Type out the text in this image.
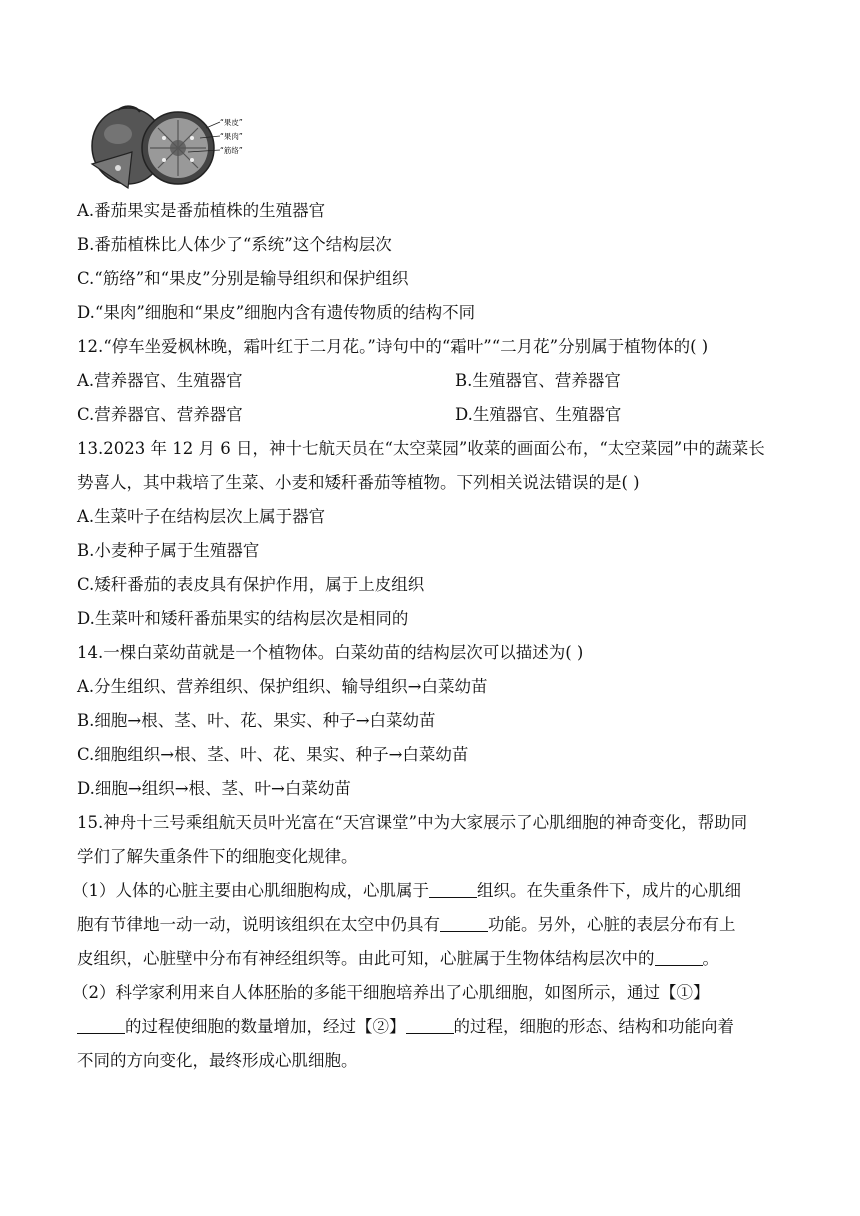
“果皮”
“果肉”
“筋络”
A.番茄果实是番茄植株的生殖器官
B.番茄植株比人体少了“系统”这个结构层次
C.“筋络”和“果皮”分别是输导组织和保护组织
D.“果肉”细胞和“果皮”细胞内含有遗传物质的结构不同
12.“停车坐爱枫林晚，霜叶红于二月花。”诗句中的“霜叶”“二月花”分别属于植物体的( )
A.营养器官、生殖器官	B.生殖器官、营养器官
C.营养器官、营养器官	D.生殖器官、生殖器官
13.2023 年 12 月 6 日，神十七航天员在“太空菜园”收菜的画面公布，“太空菜园”中的蔬菜长
势喜人，其中栽培了生菜、小麦和矮秆番茄等植物。下列相关说法错误的是( )
A.生菜叶子在结构层次上属于器官
B.小麦种子属于生殖器官
C.矮秆番茄的表皮具有保护作用，属于上皮组织
D.生菜叶和矮秆番茄果实的结构层次是相同的
14.一棵白菜幼苗就是一个植物体。白菜幼苗的结构层次可以描述为( )
A.分生组织、营养组织、保护组织、输导组织→白菜幼苗
B.细胞→根、茎、叶、花、果实、种子→白菜幼苗
C.细胞组织→根、茎、叶、花、果实、种子→白菜幼苗
D.细胞→组织→根、茎、叶→白菜幼苗
15.神舟十三号乘组航天员叶光富在“天宫课堂”中为大家展示了心肌细胞的神奇变化，帮助同
学们了解失重条件下的细胞变化规律。
（1）人体的心脏主要由心肌细胞构成，心肌属于	组织。在失重条件下，成片的心肌细
胞有节律地一动一动，说明该组织在太空中仍具有	功能。另外，心脏的表层分布有上
皮组织，心脏壁中分布有神经组织等。由此可知，心脏属于生物体结构层次中的	。
（2）科学家利用来自人体胚胎的多能干细胞培养出了心肌细胞，如图所示，通过【①】
的过程使细胞的数量增加，经过【②】	的过程，细胞的形态、结构和功能向着
不同的方向变化，最终形成心肌细胞。
